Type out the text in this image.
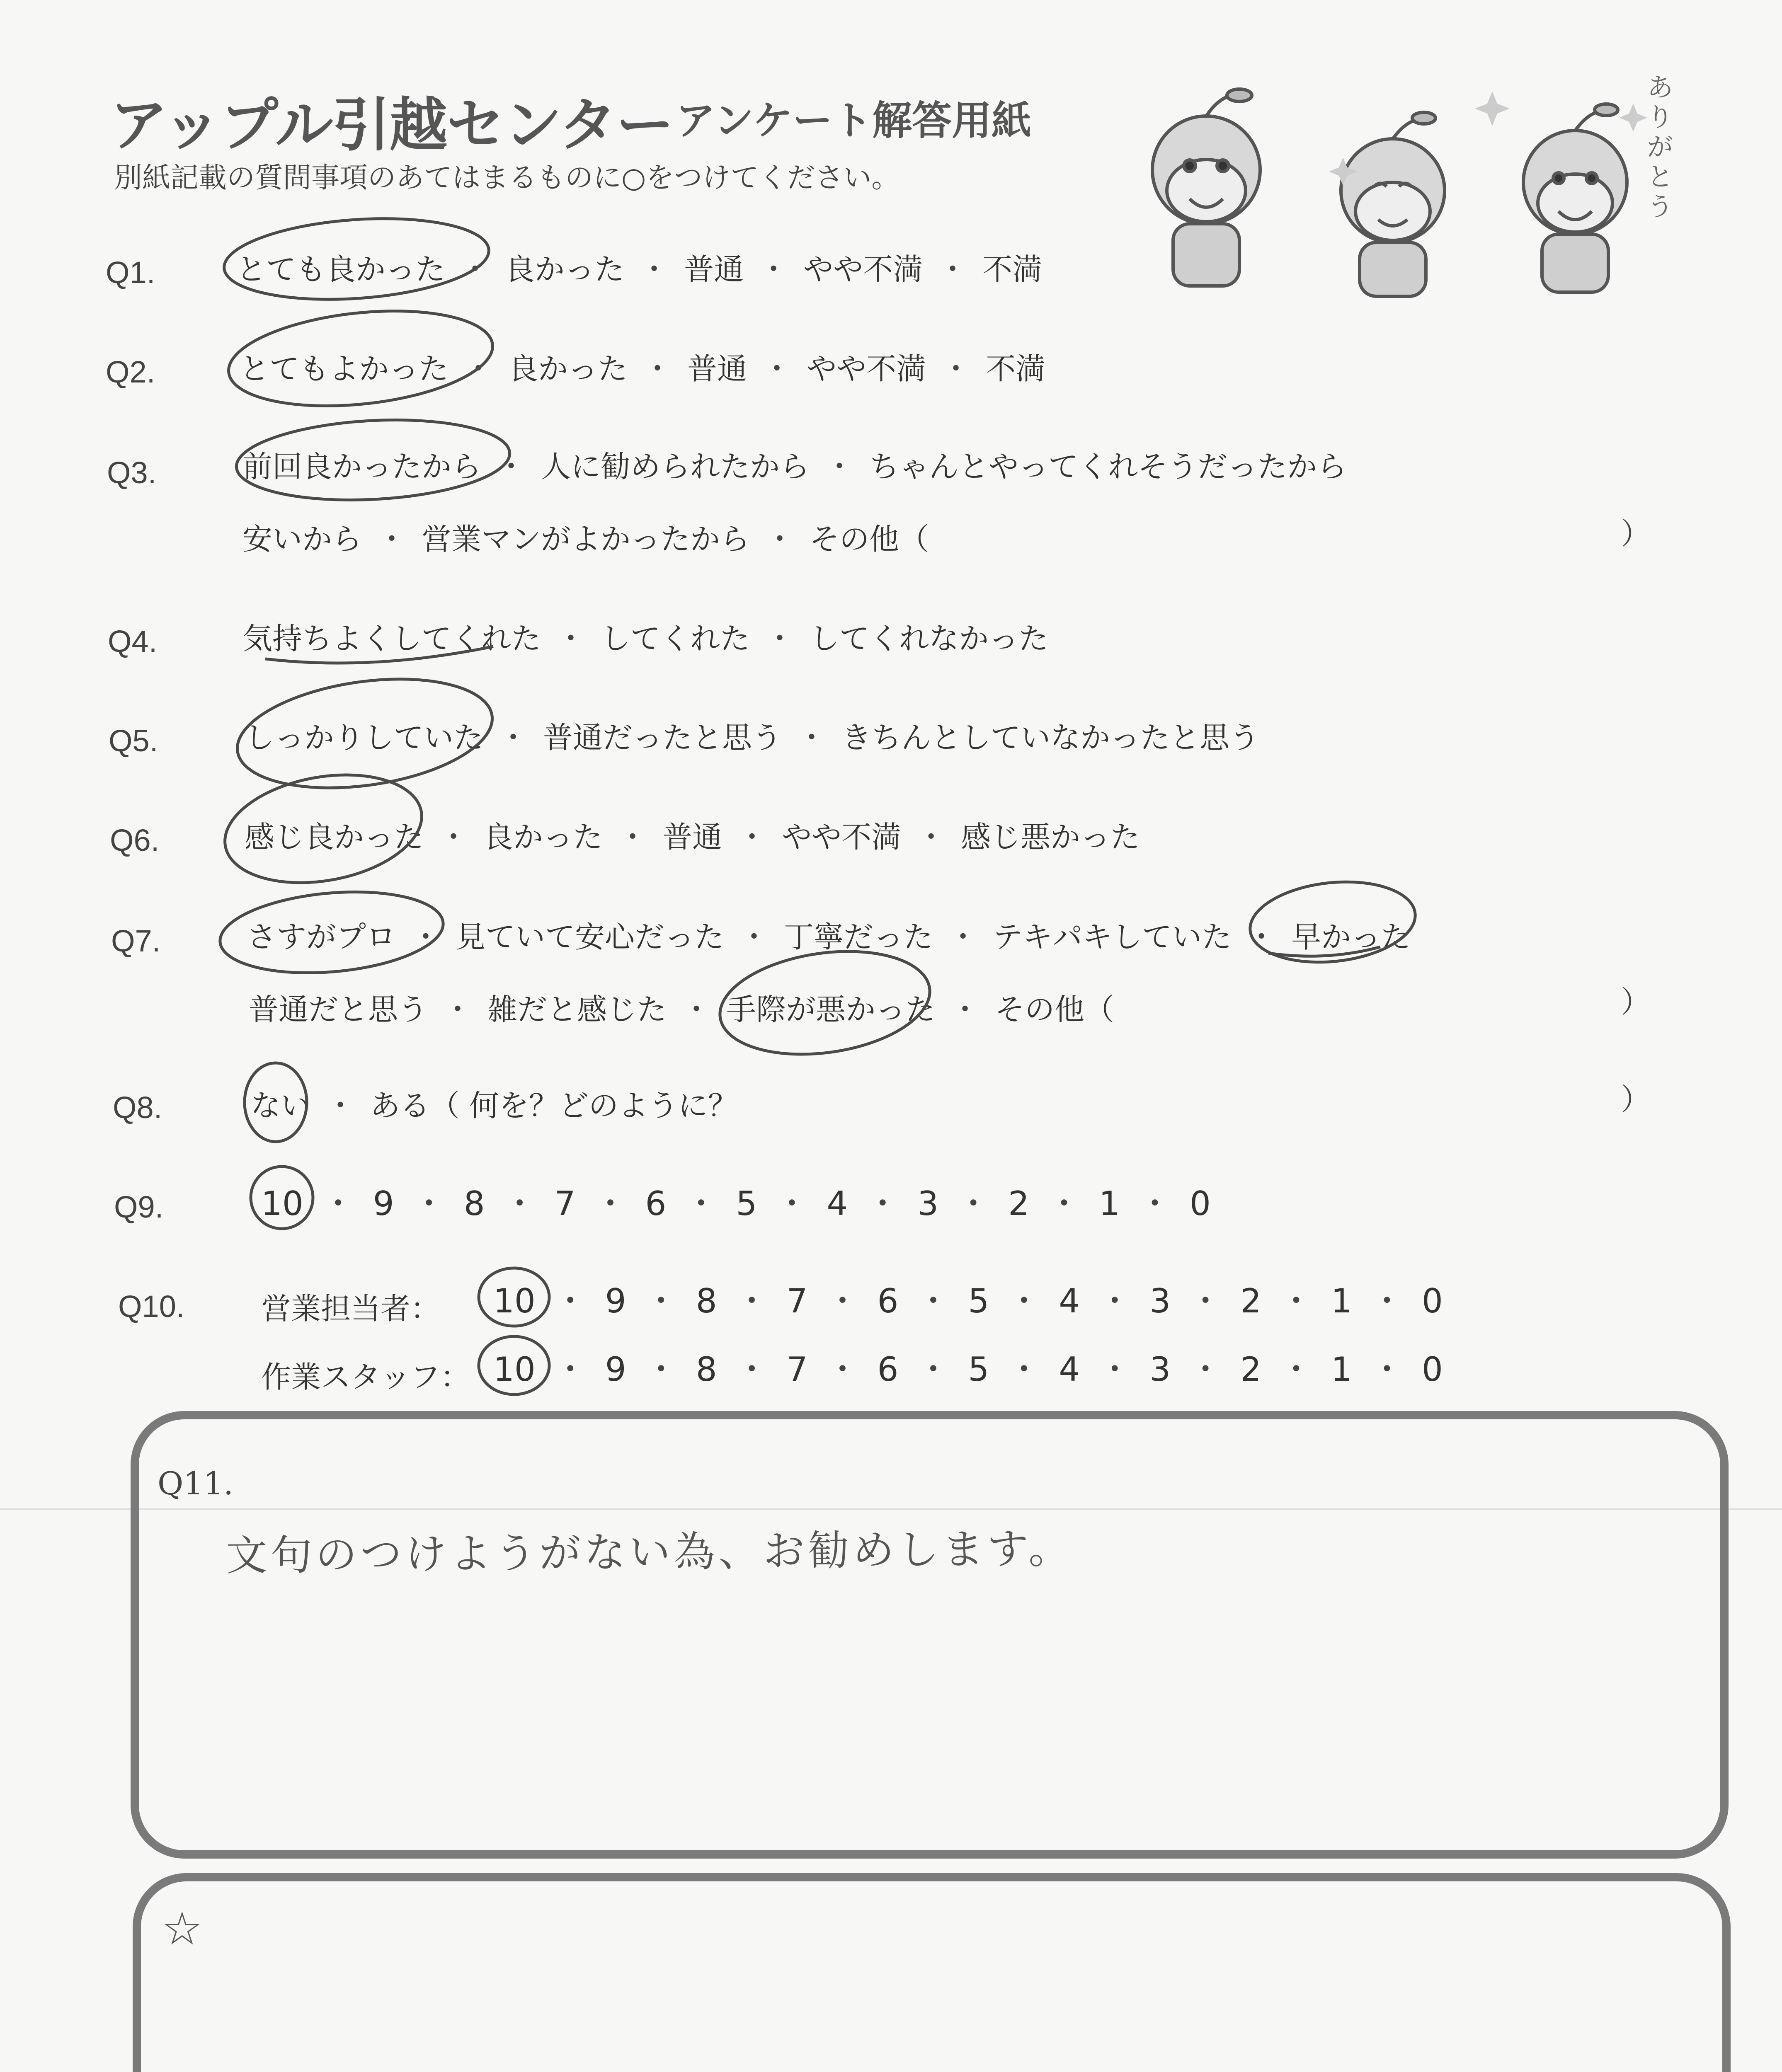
アップル引越センター アンケート解答用紙
別紙記載の質問事項のあてはまるものに○をつけてください。
ありがとう
Q1.	とても良かった ・ 良かった ・ 普通 ・ やや不満 ・ 不満
Q2.	とてもよかった ・ 良かった ・ 普通 ・ やや不満 ・ 不満
Q3.	前回良かったから ・ 人に勧められたから ・ ちゃんとやってくれそうだったから
安いから ・ 営業マンがよかったから ・ その他（	）
Q4.	気持ちよくしてくれた ・ してくれた ・ してくれなかった
Q5.	しっかりしていた ・ 普通だったと思う ・ きちんとしていなかったと思う
Q6.	感じ良かった ・ 良かった ・ 普通 ・ やや不満 ・ 感じ悪かった
Q7.	さすがプロ ・ 見ていて安心だった ・ 丁寧だった ・ テキパキしていた ・ 早かった
普通だと思う ・ 雑だと感じた ・ 手際が悪かった ・ その他（	）
Q8.	ない ・ ある（ 何を？どのように？	）
Q9.	10 ・ 9 ・ 8 ・ 7 ・ 6 ・ 5 ・ 4 ・ 3 ・ 2 ・ 1 ・ 0
Q10.	営業担当者： 10 ・ 9 ・ 8 ・ 7 ・ 6 ・ 5 ・ 4 ・ 3 ・ 2 ・ 1 ・ 0
作業スタッフ： 10 ・ 9 ・ 8 ・ 7 ・ 6 ・ 5 ・ 4 ・ 3 ・ 2 ・ 1 ・ 0
Q11.
文句のつけようがない為、お勧めします。
☆
